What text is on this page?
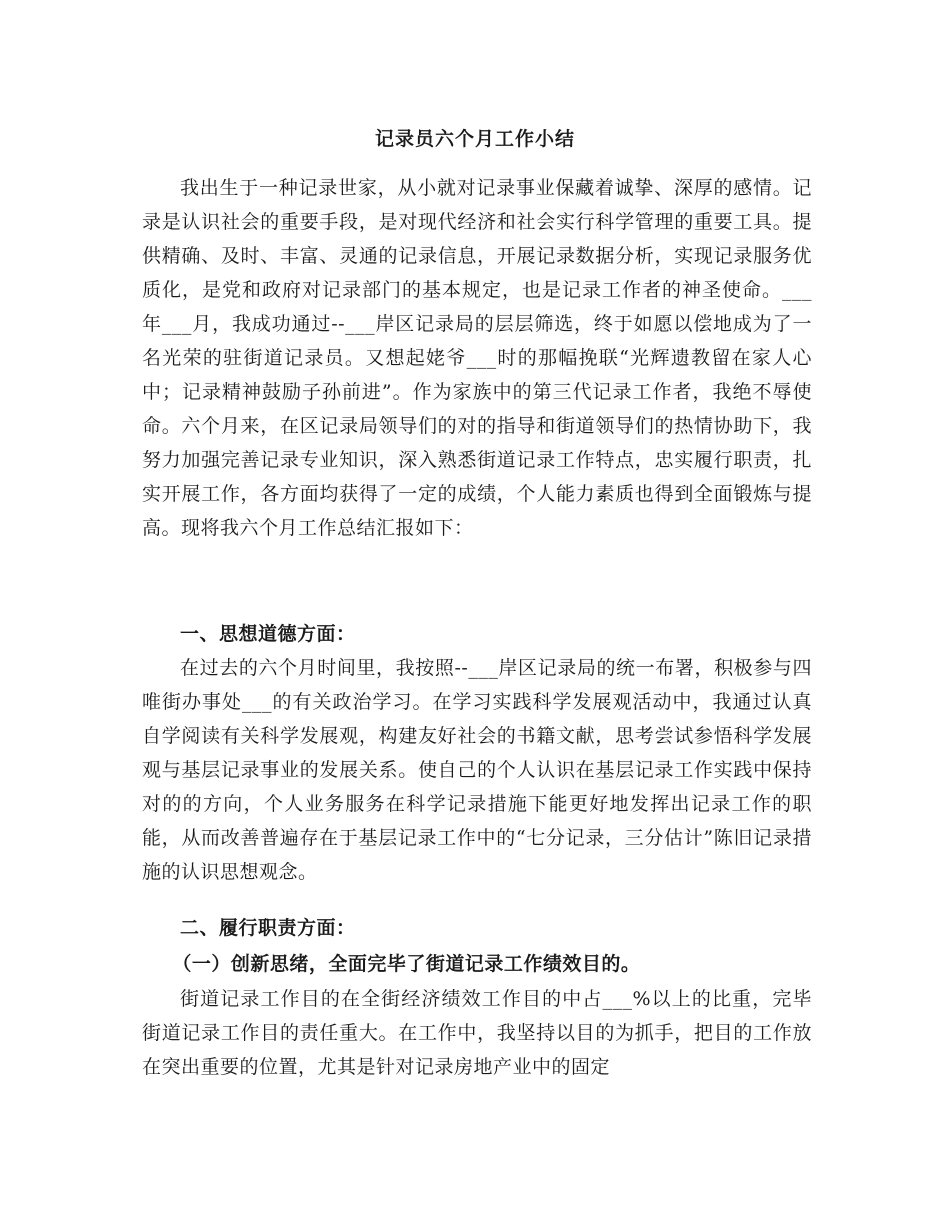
记录员六个月工作小结

我出生于一种记录世家，从小就对记录事业保藏着诚挚、深厚的感情。记录是认识社会的重要手段，是对现代经济和社会实行科学管理的重要工具。提供精确、及时、丰富、灵通的记录信息，开展记录数据分析，实现记录服务优质化，是党和政府对记录部门的基本规定，也是记录工作者的神圣使命。___年___月，我成功通过--___岸区记录局的层层筛选，终于如愿以偿地成为了一名光荣的驻街道记录员。又想起姥爷___时的那幅挽联“光辉遗教留在家人心中；记录精神鼓励子孙前进”。作为家族中的第三代记录工作者，我绝不辱使命。六个月来，在区记录局领导们的对的指导和街道领导们的热情协助下，我努力加强完善记录专业知识，深入熟悉街道记录工作特点，忠实履行职责，扎实开展工作，各方面均获得了一定的成绩，个人能力素质也得到全面锻炼与提高。现将我六个月工作总结汇报如下：

一、思想道德方面：

在过去的六个月时间里，我按照--___岸区记录局的统一布署，积极参与四唯街办事处___的有关政治学习。在学习实践科学发展观活动中，我通过认真自学阅读有关科学发展观，构建友好社会的书籍文献，思考尝试参悟科学发展观与基层记录事业的发展关系。使自己的个人认识在基层记录工作实践中保持对的的方向，个人业务服务在科学记录措施下能更好地发挥出记录工作的职能，从而改善普遍存在于基层记录工作中的“七分记录，三分估计”陈旧记录措施的认识思想观念。

二、履行职责方面：

（一）创新思绪，全面完毕了街道记录工作绩效目的。

街道记录工作目的在全街经济绩效工作目的中占___%以上的比重，完毕街道记录工作目的责任重大。在工作中，我坚持以目的为抓手，把目的工作放在突出重要的位置，尤其是针对记录房地产业中的固定
